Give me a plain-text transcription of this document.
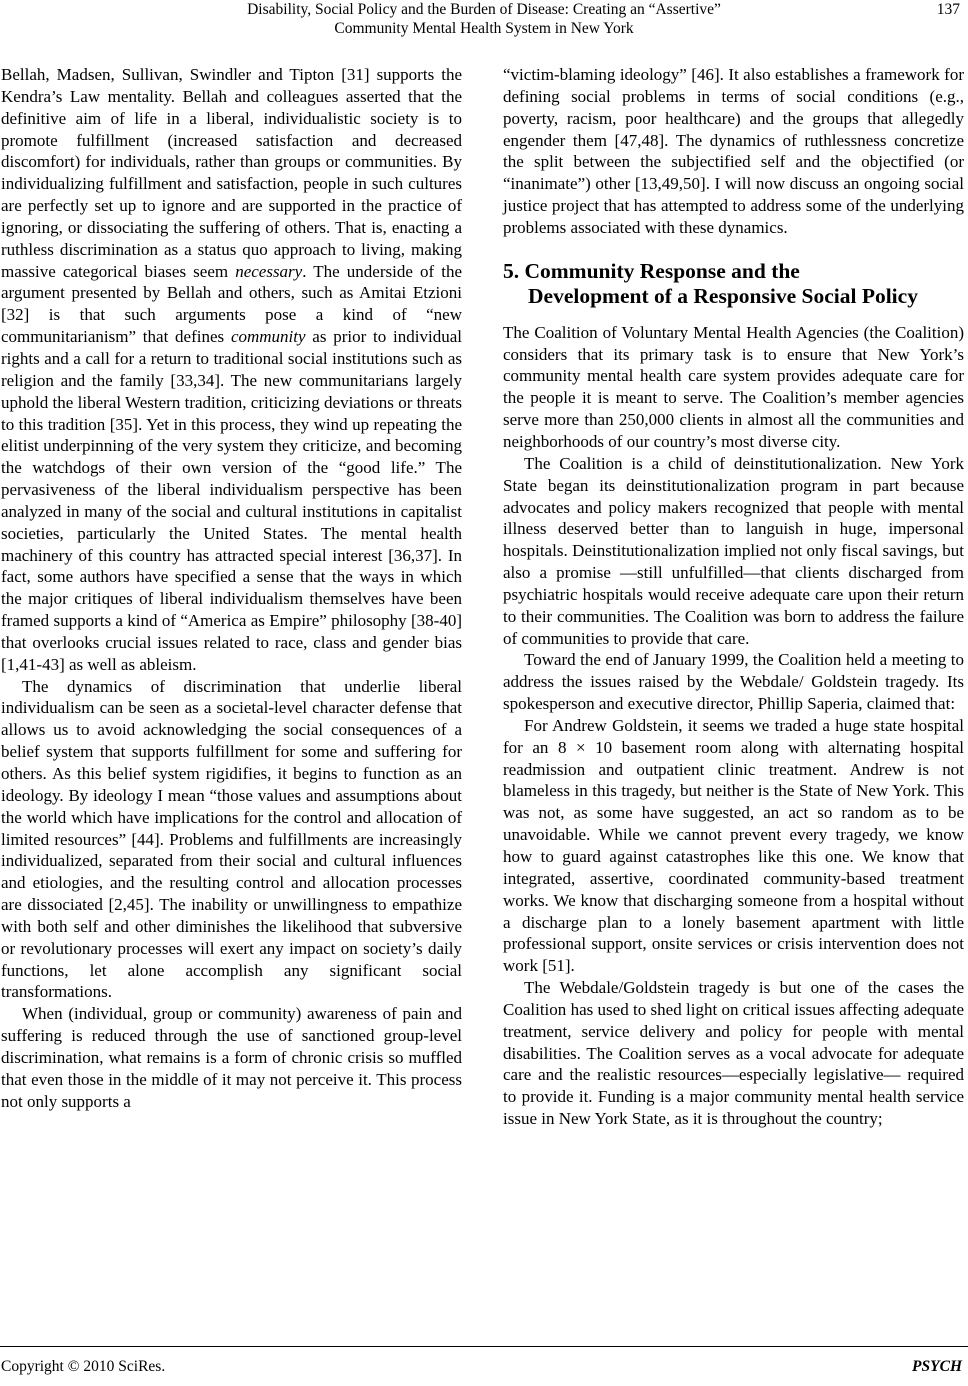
Disability, Social Policy and the Burden of Disease: Creating an “Assertive”
Community Mental Health System in New York
137

Bellah, Madsen, Sullivan, Swindler and Tipton [31] supports the Kendra’s Law mentality. Bellah and colleagues asserted that the definitive aim of life in a liberal, individualistic society is to promote fulfillment (increased satisfaction and decreased discomfort) for individuals, rather than groups or communities. By individualizing fulfillment and satisfaction, people in such cultures are perfectly set up to ignore and are supported in the practice of ignoring, or dissociating the suffering of others. That is, enacting a ruthless discrimination as a status quo approach to living, making massive categorical biases seem necessary. The underside of the argument presented by Bellah and others, such as Amitai Etzioni [32] is that such arguments pose a kind of “new communitarianism” that defines community as prior to individual rights and a call for a return to traditional social institutions such as religion and the family [33,34]. The new communitarians largely uphold the liberal Western tradition, criticizing deviations or threats to this tradition [35]. Yet in this process, they wind up repeating the elitist underpinning of the very system they criticize, and becoming the watchdogs of their own version of the “good life.” The pervasiveness of the liberal individualism perspective has been analyzed in many of the social and cultural institutions in capitalist societies, particularly the United States. The mental health machinery of this country has attracted special interest [36,37]. In fact, some authors have specified a sense that the ways in which the major critiques of liberal individualism themselves have been framed supports a kind of “America as Empire” philosophy [38-40] that overlooks crucial issues related to race, class and gender bias [1,41-43] as well as ableism.

The dynamics of discrimination that underlie liberal individualism can be seen as a societal-level character defense that allows us to avoid acknowledging the social consequences of a belief system that supports fulfillment for some and suffering for others. As this belief system rigidifies, it begins to function as an ideology. By ideology I mean “those values and assumptions about the world which have implications for the control and allocation of limited resources” [44]. Problems and fulfillments are increasingly individualized, separated from their social and cultural influences and etiologies, and the resulting control and allocation processes are dissociated [2,45]. The inability or unwillingness to empathize with both self and other diminishes the likelihood that subversive or revolutionary processes will exert any impact on society’s daily functions, let alone accomplish any significant social transformations.

When (individual, group or community) awareness of pain and suffering is reduced through the use of sanctioned group-level discrimination, what remains is a form of chronic crisis so muffled that even those in the middle of it may not perceive it. This process not only supports a

“victim-blaming ideology” [46]. It also establishes a framework for defining social problems in terms of social conditions (e.g., poverty, racism, poor healthcare) and the groups that allegedly engender them [47,48]. The dynamics of ruthlessness concretize the split between the subjectified self and the objectified (or “inanimate”) other [13,49,50]. I will now discuss an ongoing social justice project that has attempted to address some of the underlying problems associated with these dynamics.

5. Community Response and the
Development of a Responsive Social Policy

The Coalition of Voluntary Mental Health Agencies (the Coalition) considers that its primary task is to ensure that New York’s community mental health care system provides adequate care for the people it is meant to serve. The Coalition’s member agencies serve more than 250,000 clients in almost all the communities and neighborhoods of our country’s most diverse city.

The Coalition is a child of deinstitutionalization. New York State began its deinstitutionalization program in part because advocates and policy makers recognized that people with mental illness deserved better than to languish in huge, impersonal hospitals. Deinstitutionalization implied not only fiscal savings, but also a promise —still unfulfilled—that clients discharged from psychiatric hospitals would receive adequate care upon their return to their communities. The Coalition was born to address the failure of communities to provide that care.

Toward the end of January 1999, the Coalition held a meeting to address the issues raised by the Webdale/ Goldstein tragedy. Its spokesperson and executive director, Phillip Saperia, claimed that:

For Andrew Goldstein, it seems we traded a huge state hospital for an 8 × 10 basement room along with alternating hospital readmission and outpatient clinic treatment. Andrew is not blameless in this tragedy, but neither is the State of New York. This was not, as some have suggested, an act so random as to be unavoidable. While we cannot prevent every tragedy, we know how to guard against catastrophes like this one. We know that integrated, assertive, coordinated community-based treatment works. We know that discharging someone from a hospital without a discharge plan to a lonely basement apartment with little professional support, onsite services or crisis intervention does not work [51].

The Webdale/Goldstein tragedy is but one of the cases the Coalition has used to shed light on critical issues affecting adequate treatment, service delivery and policy for people with mental disabilities. The Coalition serves as a vocal advocate for adequate care and the realistic resources—especially legislative— required to provide it. Funding is a major community mental health service issue in New York State, as it is throughout the country;

Copyright © 2010 SciRes.	PSYCH
